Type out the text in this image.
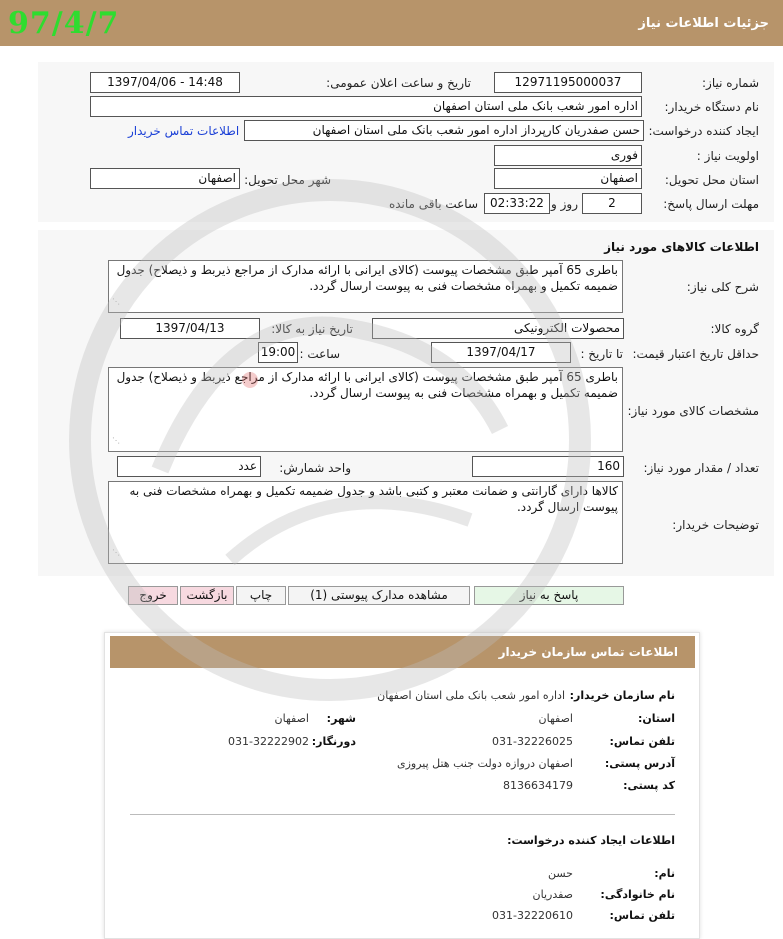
97/4/7	جزئیات اطلاعات نیاز
شماره نیاز:
12971195000037
تاریخ و ساعت اعلان عمومی:
1397/04/06 - 14:48
نام دستگاه خریدار:
اداره امور شعب بانک ملی استان اصفهان
ایجاد کننده درخواست:
حسن صفدریان کارپرداز اداره امور شعب بانک ملی استان اصفهان
اطلاعات تماس خریدار
اولویت نیاز :
فوری
استان محل تحویل:
اصفهان
شهر محل تحویل:
اصفهان
مهلت ارسال پاسخ:
2
روز و
02:33:22
ساعت باقی مانده
اطلاعات کالاهای مورد نیاز
شرح کلی نیاز:
باطری 65 آمپر طبق مشخصات پیوست (کالای ایرانی با ارائه مدارک از مراجع ذیربط و ذیصلاح) جدول ضمیمه تکمیل و بهمراه مشخصات فنی به پیوست ارسال گردد.
⋰
گروه کالا:
محصولات الکترونیکی
تاریخ نیاز به کالا:
1397/04/13
حداقل تاریخ اعتبار قیمت:
تا تاریخ :
1397/04/17
ساعت :
19:00
مشخصات کالای مورد نیاز:
باطری 65 آمپر طبق مشخصات پیوست (کالای ایرانی با ارائه مدارک از مراجع ذیربط و ذیصلاح) جدول ضمیمه تکمیل و بهمراه مشخصات فنی به پیوست ارسال گردد.
⋰
تعداد / مقدار مورد نیاز:
160
واحد شمارش:
عدد
توضیحات خریدار:
کالاها دارای گارانتی و ضمانت معتبر و کتبی باشد و جدول ضمیمه تکمیل و بهمراه مشخصات فنی به پیوست ارسال گردد.
⋰
پاسخ به نیاز
مشاهده مدارک پیوستی (1)
چاپ
بازگشت
خروج
اطلاعات تماس سازمان خریدار
نام سازمان خریدار:
اداره امور شعب بانک ملی استان اصفهان
استان:
اصفهان
شهر:
اصفهان
تلفن تماس:
031-32226025
دورنگار:
031-32222902
آدرس پستی:
اصفهان دروازه دولت جنب هتل پیروزی
کد پستی:
8136634179
اطلاعات ایجاد کننده درخواست:
نام:
حسن
نام خانوادگی:
صفدریان
تلفن تماس:
031-32220610
